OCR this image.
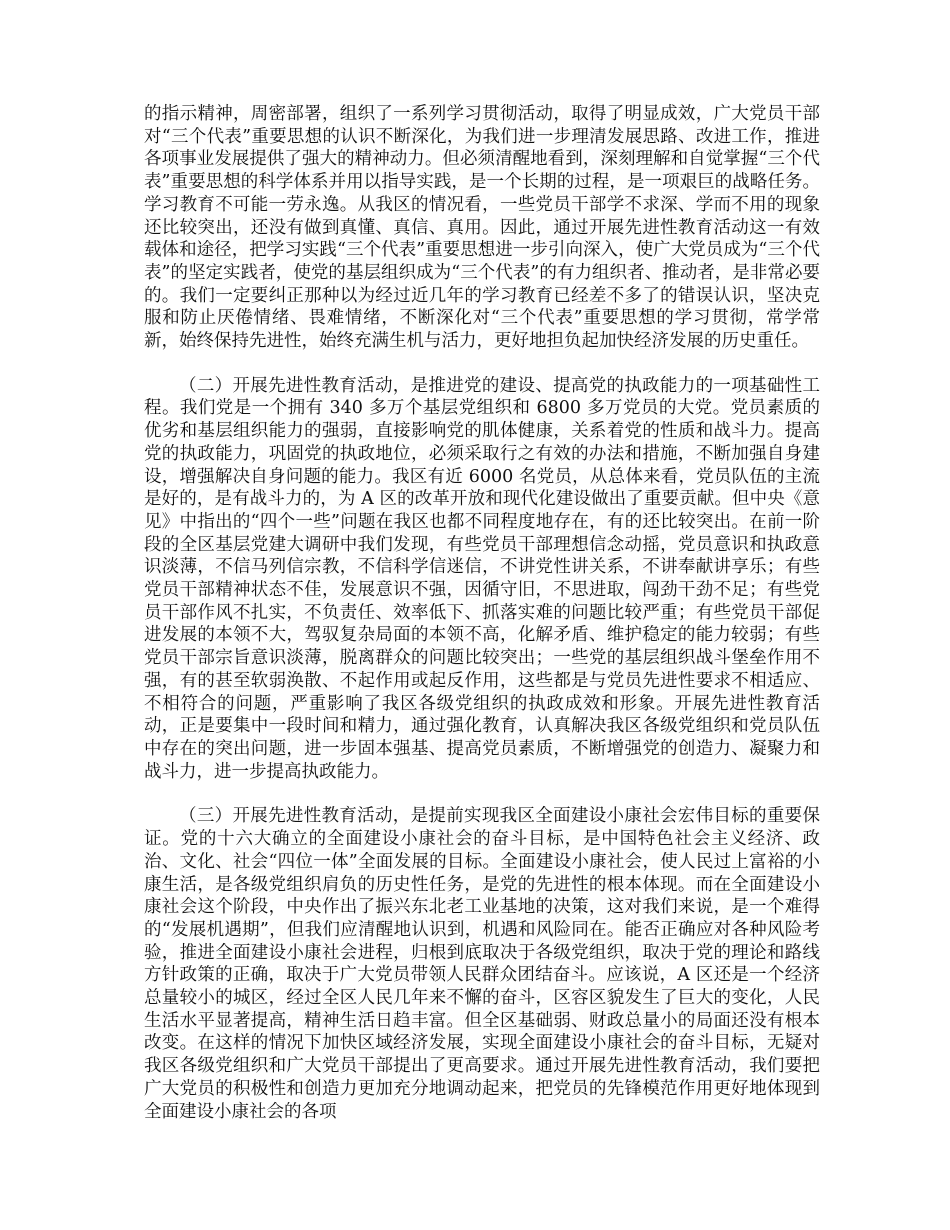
的指示精神，周密部署，组织了一系列学习贯彻活动，取得了明显成效，广大党员干部对“三个代表”重要思想的认识不断深化，为我们进一步理清发展思路、改进工作，推进各项事业发展提供了强大的精神动力。但必须清醒地看到，深刻理解和自觉掌握“三个代表”重要思想的科学体系并用以指导实践，是一个长期的过程，是一项艰巨的战略任务。学习教育不可能一劳永逸。从我区的情况看，一些党员干部学不求深、学而不用的现象还比较突出，还没有做到真懂、真信、真用。因此，通过开展先进性教育活动这一有效载体和途径，把学习实践“三个代表”重要思想进一步引向深入，使广大党员成为“三个代表”的坚定实践者，使党的基层组织成为“三个代表”的有力组织者、推动者，是非常必要的。我们一定要纠正那种以为经过近几年的学习教育已经差不多了的错误认识，坚决克服和防止厌倦情绪、畏难情绪，不断深化对“三个代表”重要思想的学习贯彻，常学常新，始终保持先进性，始终充满生机与活力，更好地担负起加快经济发展的历史重任。

（二）开展先进性教育活动，是推进党的建设、提高党的执政能力的一项基础性工程。我们党是一个拥有 340 多万个基层党组织和 6800 多万党员的大党。党员素质的优劣和基层组织能力的强弱，直接影响党的肌体健康，关系着党的性质和战斗力。提高党的执政能力，巩固党的执政地位，必须采取行之有效的办法和措施，不断加强自身建设，增强解决自身问题的能力。我区有近 6000 名党员，从总体来看，党员队伍的主流是好的，是有战斗力的，为 A 区的改革开放和现代化建设做出了重要贡献。但中央《意见》中指出的“四个一些”问题在我区也都不同程度地存在，有的还比较突出。在前一阶段的全区基层党建大调研中我们发现，有些党员干部理想信念动摇，党员意识和执政意识淡薄，不信马列信宗教，不信科学信迷信，不讲党性讲关系，不讲奉献讲享乐；有些党员干部精神状态不佳，发展意识不强，因循守旧，不思进取，闯劲干劲不足；有些党员干部作风不扎实，不负责任、效率低下、抓落实难的问题比较严重；有些党员干部促进发展的本领不大，驾驭复杂局面的本领不高，化解矛盾、维护稳定的能力较弱；有些党员干部宗旨意识淡薄，脱离群众的问题比较突出；一些党的基层组织战斗堡垒作用不强，有的甚至软弱涣散、不起作用或起反作用，这些都是与党员先进性要求不相适应、不相符合的问题，严重影响了我区各级党组织的执政成效和形象。开展先进性教育活动，正是要集中一段时间和精力，通过强化教育，认真解决我区各级党组织和党员队伍中存在的突出问题，进一步固本强基、提高党员素质，不断增强党的创造力、凝聚力和战斗力，进一步提高执政能力。

（三）开展先进性教育活动，是提前实现我区全面建设小康社会宏伟目标的重要保证。党的十六大确立的全面建设小康社会的奋斗目标，是中国特色社会主义经济、政治、文化、社会“四位一体”全面发展的目标。全面建设小康社会，使人民过上富裕的小康生活，是各级党组织肩负的历史性任务，是党的先进性的根本体现。而在全面建设小康社会这个阶段，中央作出了振兴东北老工业基地的决策，这对我们来说，是一个难得的“发展机遇期”，但我们应清醒地认识到，机遇和风险同在。能否正确应对各种风险考验，推进全面建设小康社会进程，归根到底取决于各级党组织，取决于党的理论和路线方针政策的正确，取决于广大党员带领人民群众团结奋斗。应该说，A 区还是一个经济总量较小的城区，经过全区人民几年来不懈的奋斗，区容区貌发生了巨大的变化，人民生活水平显著提高，精神生活日趋丰富。但全区基础弱、财政总量小的局面还没有根本改变。在这样的情况下加快区域经济发展，实现全面建设小康社会的奋斗目标，无疑对我区各级党组织和广大党员干部提出了更高要求。通过开展先进性教育活动，我们要把广大党员的积极性和创造力更加充分地调动起来，把党员的先锋模范作用更好地体现到全面建设小康社会的各项
